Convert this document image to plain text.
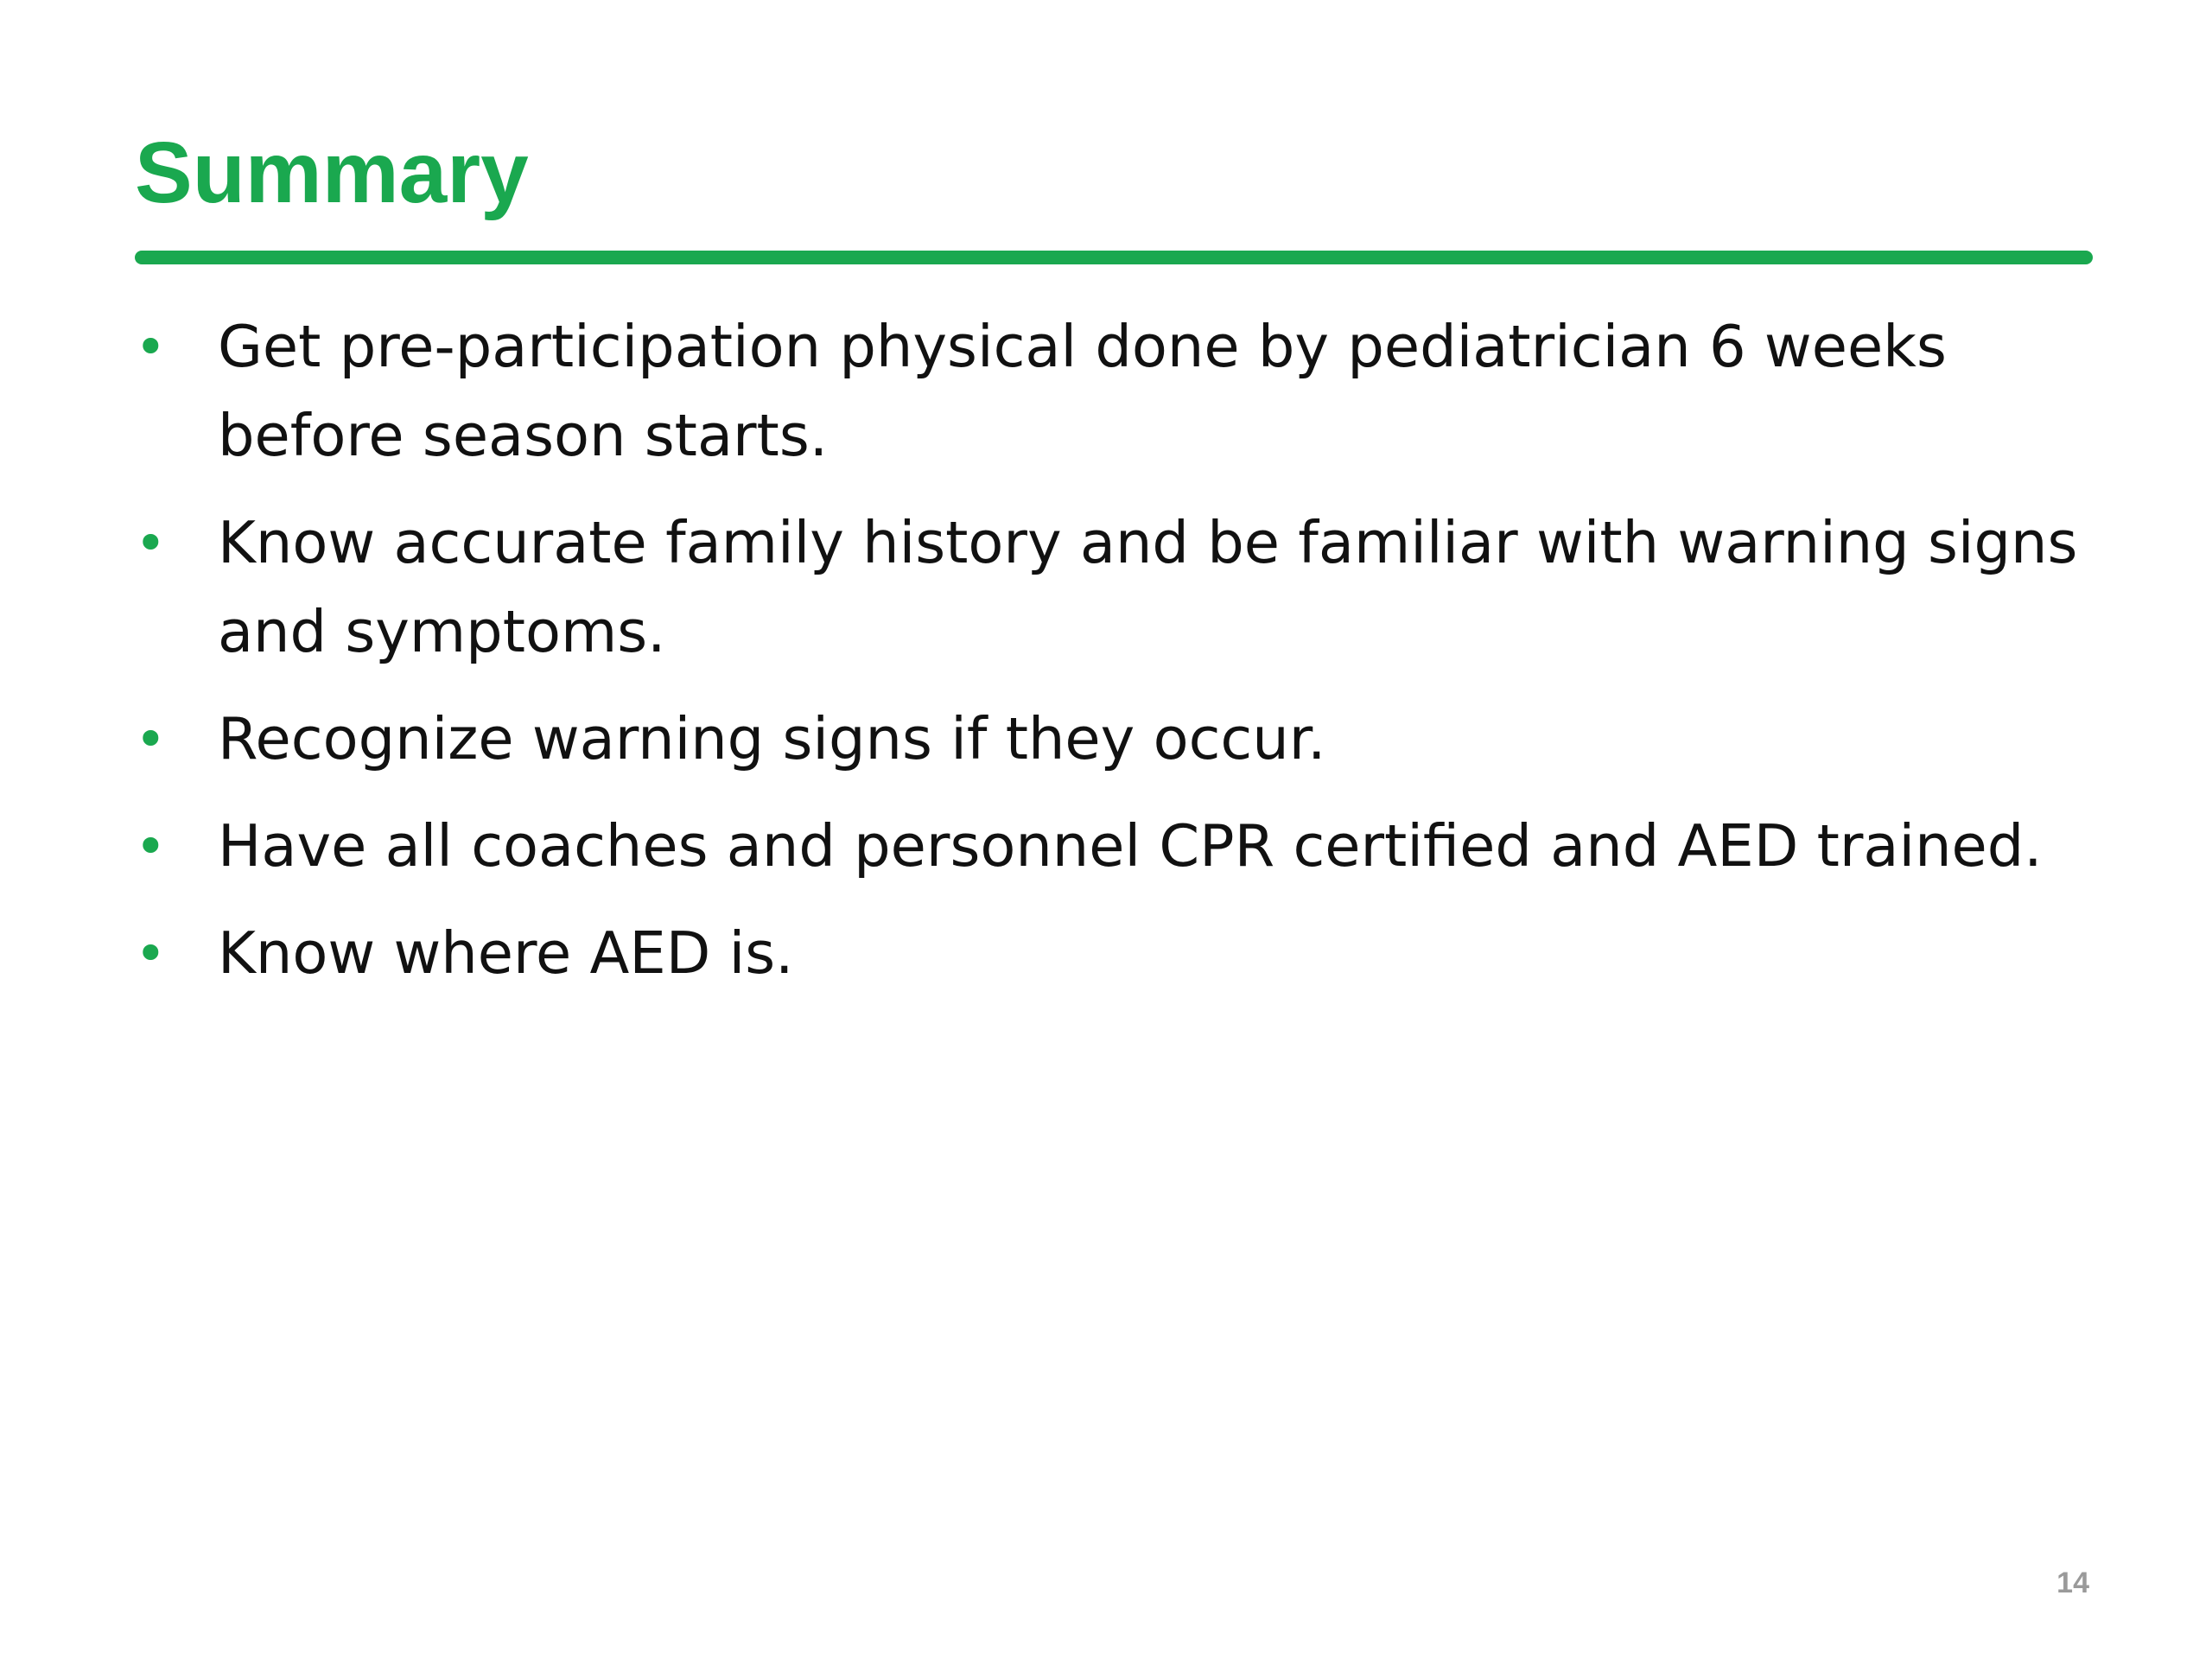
Summary
• Get pre-participation physical done by pediatrician 6 weeks before season starts.
• Know accurate family history and be familiar with warning signs and symptoms.
• Recognize warning signs if they occur.
• Have all coaches and personnel CPR certified and AED trained.
• Know where AED is.
14
